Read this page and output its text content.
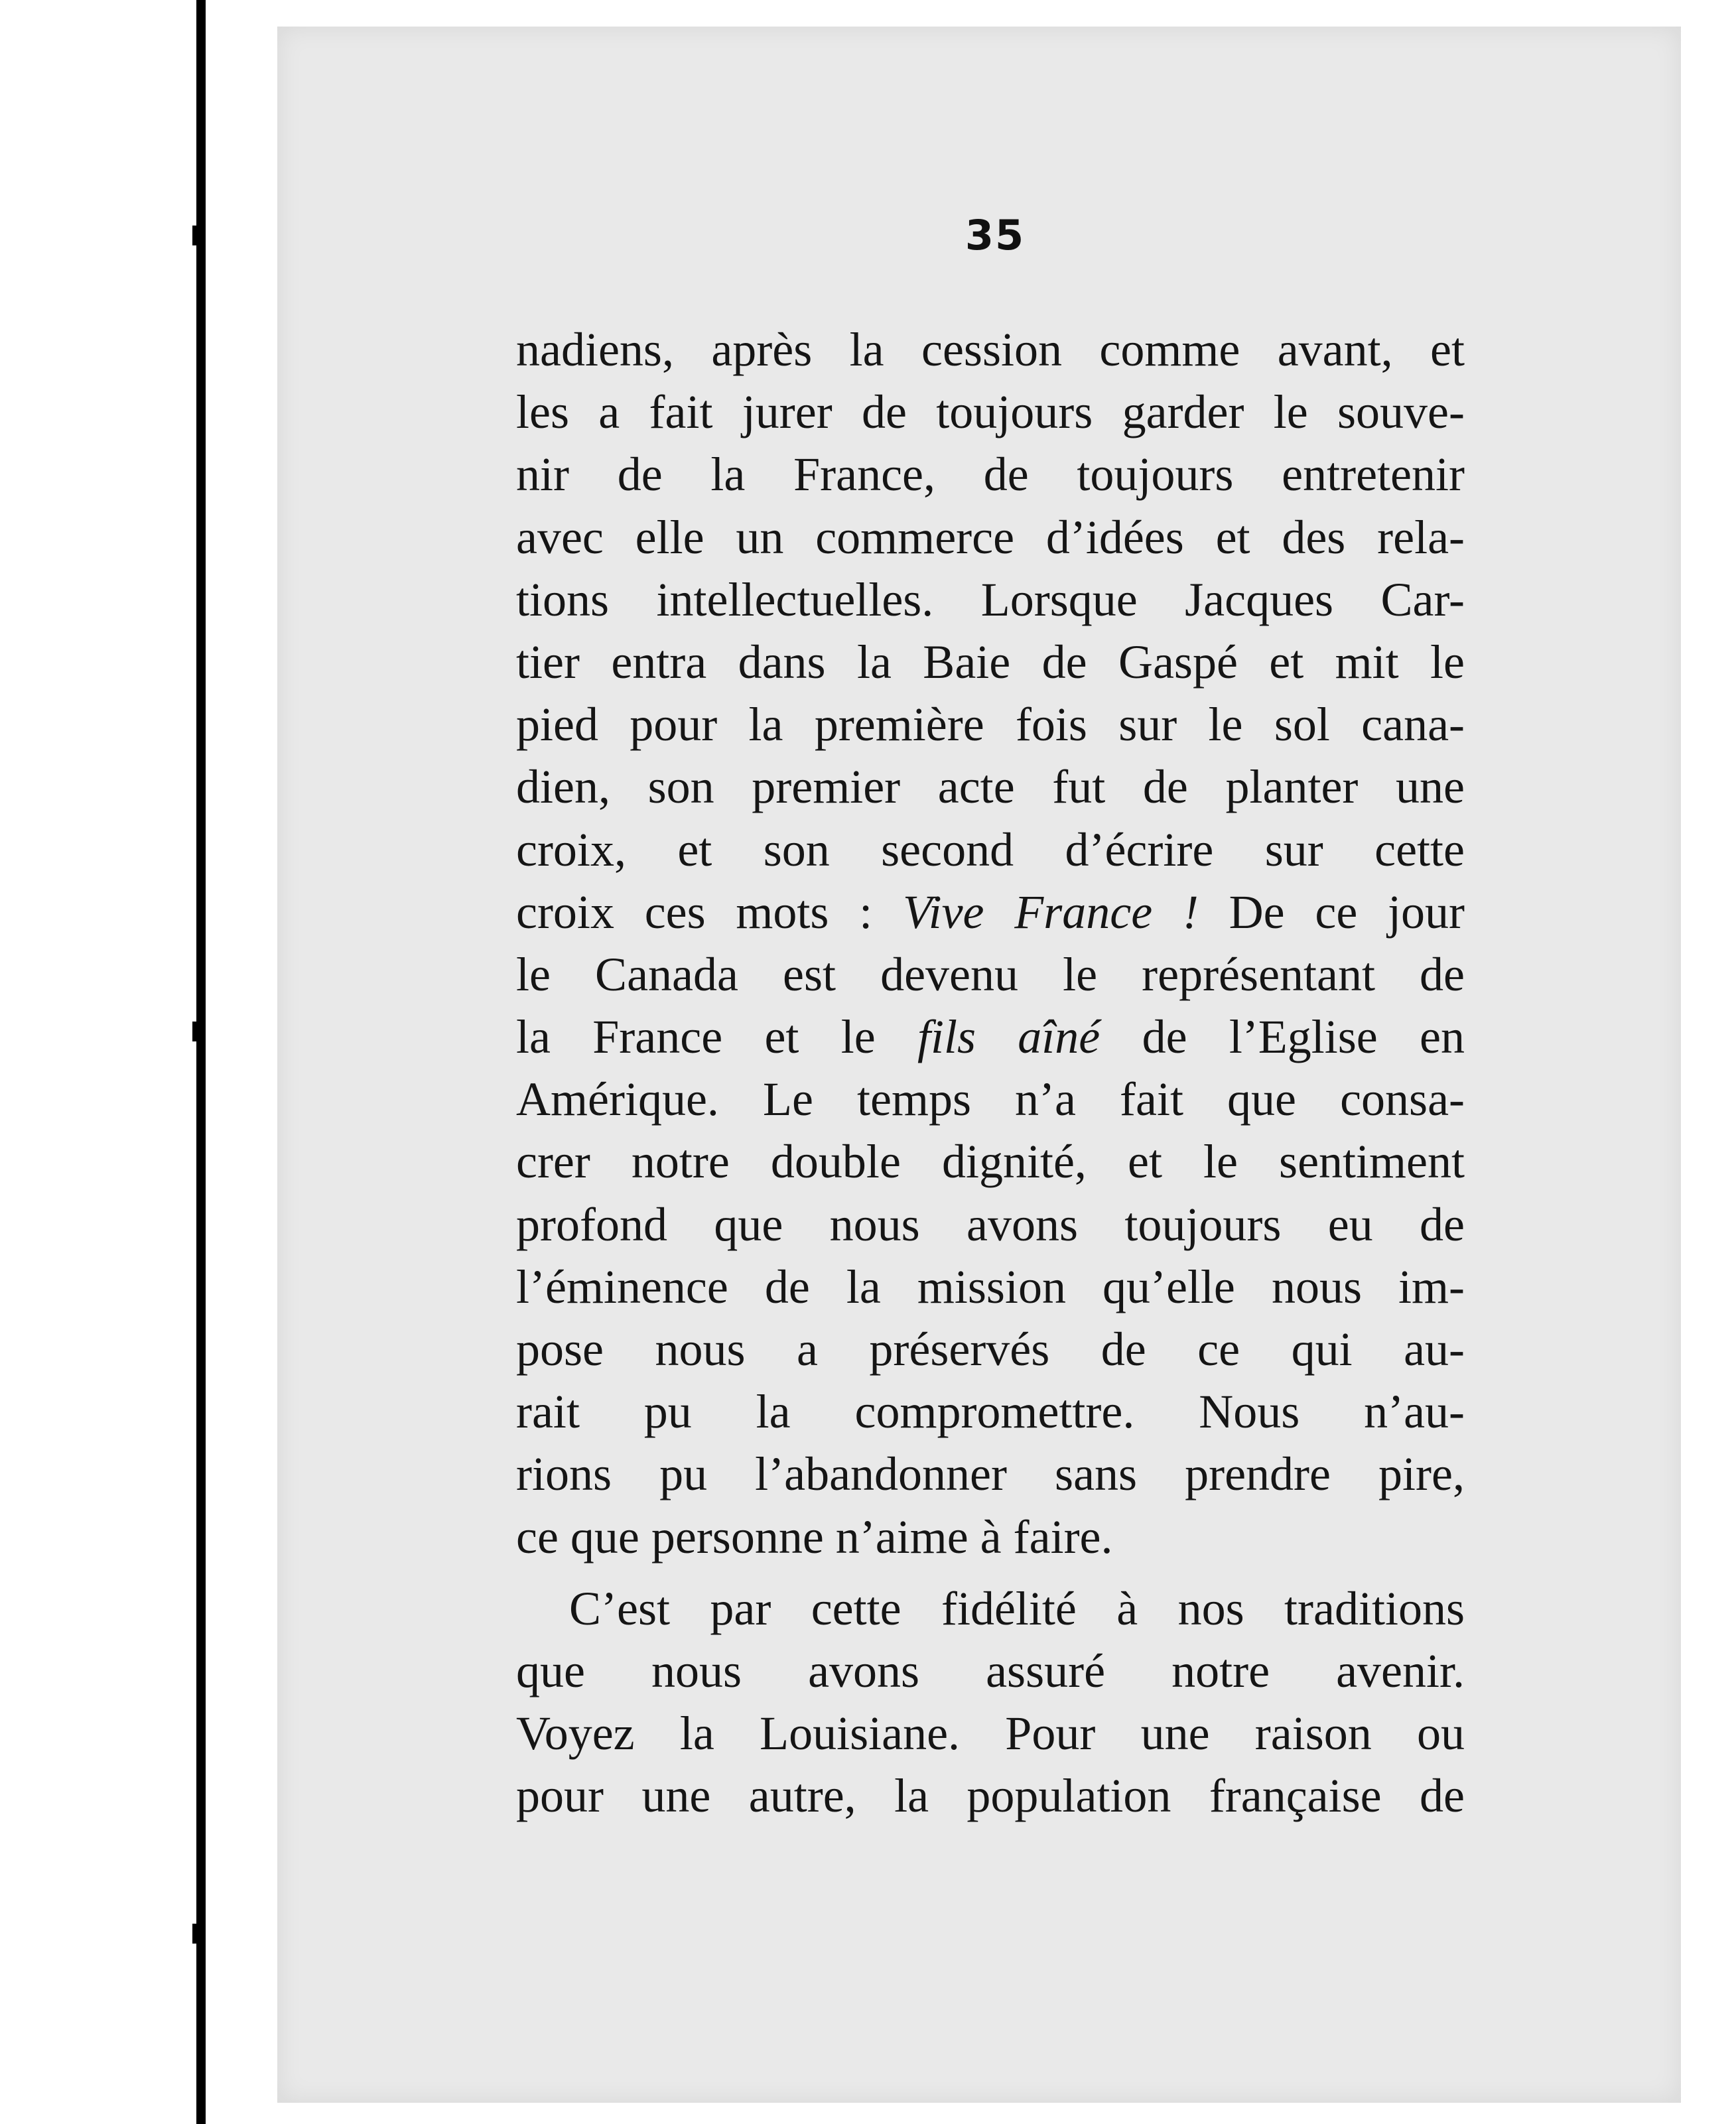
35
nadiens, après la cession comme avant, et
les a fait jurer de toujours garder le souve-
nir de la France, de toujours entretenir
avec elle un commerce d’idées et des rela-
tions intellectuelles. Lorsque Jacques Car-
tier entra dans la Baie de Gaspé et mit le
pied pour la première fois sur le sol cana-
dien, son premier acte fut de planter une
croix, et son second d’écrire sur cette
croix ces mots : Vive France ! De ce jour
le Canada est devenu le représentant de
la France et le fils aîné de l’Eglise en
Amérique. Le temps n’a fait que consa-
crer notre double dignité, et le sentiment
profond que nous avons toujours eu de
l’éminence de la mission qu’elle nous im-
pose nous a préservés de ce qui au-
rait pu la compromettre. Nous n’au-
rions pu l’abandonner sans prendre pire,
ce que personne n’aime à faire.
C’est par cette fidélité à nos traditions
que nous avons assuré notre avenir.
Voyez la Louisiane. Pour une raison ou
pour une autre, la population française de
